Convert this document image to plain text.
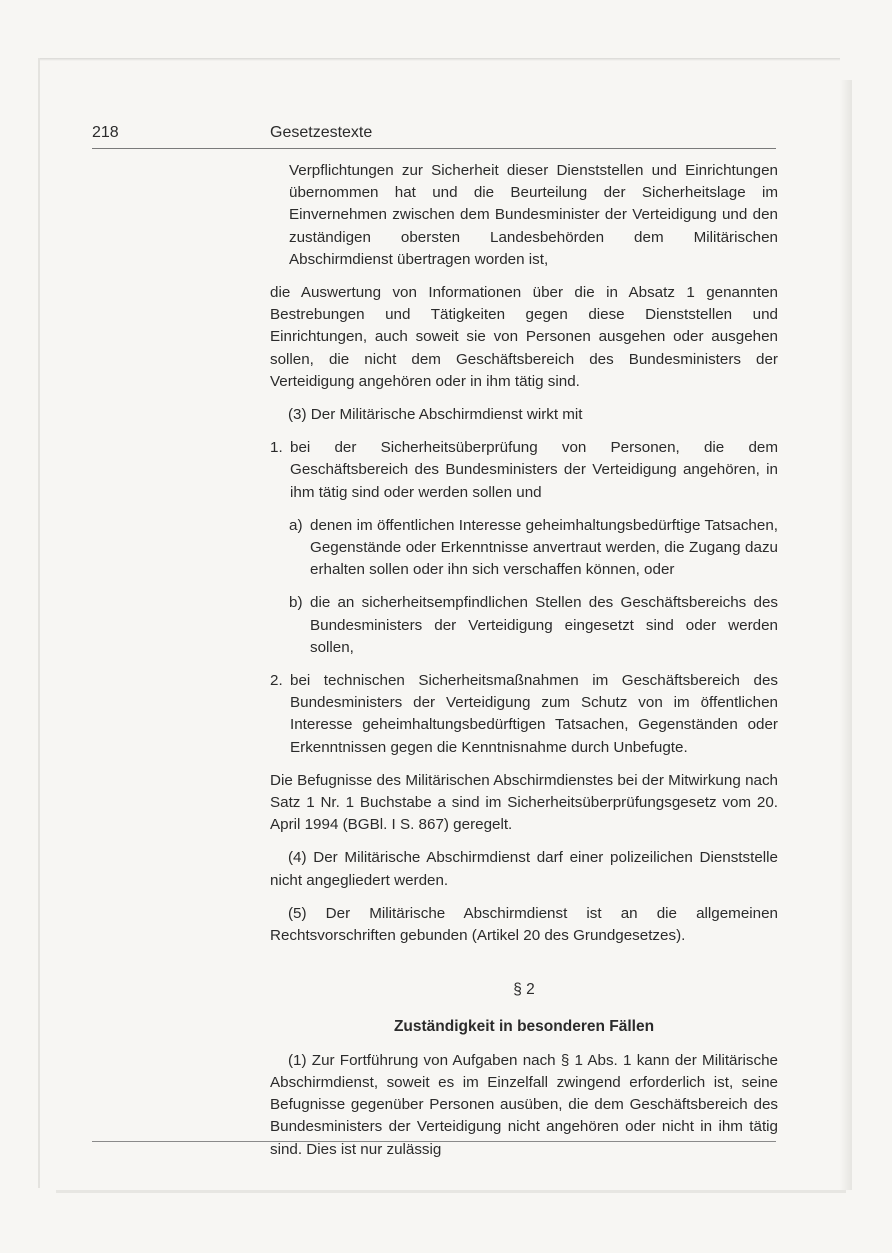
218	Gesetzestexte

Verpflichtungen zur Sicherheit dieser Dienststellen und Einrichtungen übernommen hat und die Beurteilung der Sicherheitslage im Einvernehmen zwischen dem Bundesminister der Verteidigung und den zuständigen obersten Landesbehörden dem Militärischen Abschirmdienst übertragen worden ist,

die Auswertung von Informationen über die in Absatz 1 genannten Bestrebungen und Tätigkeiten gegen diese Dienststellen und Einrichtungen, auch soweit sie von Personen ausgehen oder ausgehen sollen, die nicht dem Geschäftsbereich des Bundesministers der Verteidigung angehören oder in ihm tätig sind.

(3) Der Militärische Abschirmdienst wirkt mit

1. bei der Sicherheitsüberprüfung von Personen, die dem Geschäftsbereich des Bundesministers der Verteidigung angehören, in ihm tätig sind oder werden sollen und
a) denen im öffentlichen Interesse geheimhaltungsbedürftige Tatsachen, Gegenstände oder Erkenntnisse anvertraut werden, die Zugang dazu erhalten sollen oder ihn sich verschaffen können, oder
b) die an sicherheitsempfindlichen Stellen des Geschäftsbereichs des Bundesministers der Verteidigung eingesetzt sind oder werden sollen,
2. bei technischen Sicherheitsmaßnahmen im Geschäftsbereich des Bundesministers der Verteidigung zum Schutz von im öffentlichen Interesse geheimhaltungsbedürftigen Tatsachen, Gegenständen oder Erkenntnissen gegen die Kenntnisnahme durch Unbefugte.

Die Befugnisse des Militärischen Abschirmdienstes bei der Mitwirkung nach Satz 1 Nr. 1 Buchstabe a sind im Sicherheitsüberprüfungsgesetz vom 20. April 1994 (BGBl. I S. 867) geregelt.

(4) Der Militärische Abschirmdienst darf einer polizeilichen Dienststelle nicht angegliedert werden.

(5) Der Militärische Abschirmdienst ist an die allgemeinen Rechtsvorschriften gebunden (Artikel 20 des Grundgesetzes).

§ 2
Zuständigkeit in besonderen Fällen

(1) Zur Fortführung von Aufgaben nach § 1 Abs. 1 kann der Militärische Abschirmdienst, soweit es im Einzelfall zwingend erforderlich ist, seine Befugnisse gegenüber Personen ausüben, die dem Geschäftsbereich des Bundesministers der Verteidigung nicht angehören oder nicht in ihm tätig sind. Dies ist nur zulässig
